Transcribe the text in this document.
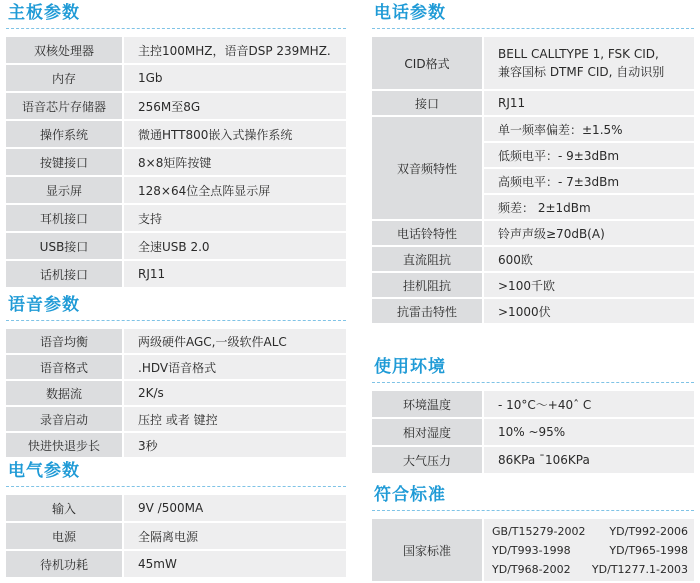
主板参数
双核处理器	主控100MHZ，语音DSP 239MHZ.
内存	1Gb
语音芯片存储器	256M至8G
操作系统	微通HTT800嵌入式操作系统
按键接口	8×8矩阵按键
显示屏	128×64位全点阵显示屏
耳机接口	支持
USB接口	全速USB 2.0
话机接口	RJ11
语音参数
语音均衡	两级硬件AGC,一级软件ALC
语音格式	.HDV语音格式
数据流	2K/s
录音启动	压控 或者 键控
快进快退步长	3秒
电气参数
输入	9V /500MA
电源	全隔离电源
待机功耗	45mW
电话参数
CID格式	BELL CALLTYPE 1, FSK CID,
兼容国标 DTMF CID, 自动识别

接口	RJ11
双音频特性	单一频率偏差：±1.5%
	低频电平：- 9±3dBm
	高频电平：- 7±3dBm
	频差： 2±1dBm
电话铃特性	铃声声级≥70dB(A)
直流阻抗	600欧
挂机阻抗	>100千欧
抗雷击特性	>1000伏
使用环境
环境温度	- 10°C～+40ˆ C
相对湿度	10% ~95%
大气压力	86KPa ¯106KPa
符合标准
国家标准	
GB/T15279-2002 YD/T992-2006
YD/T993-1998	YD/T965-1998
YD/T968-2002 YD/T1277.1-2003
